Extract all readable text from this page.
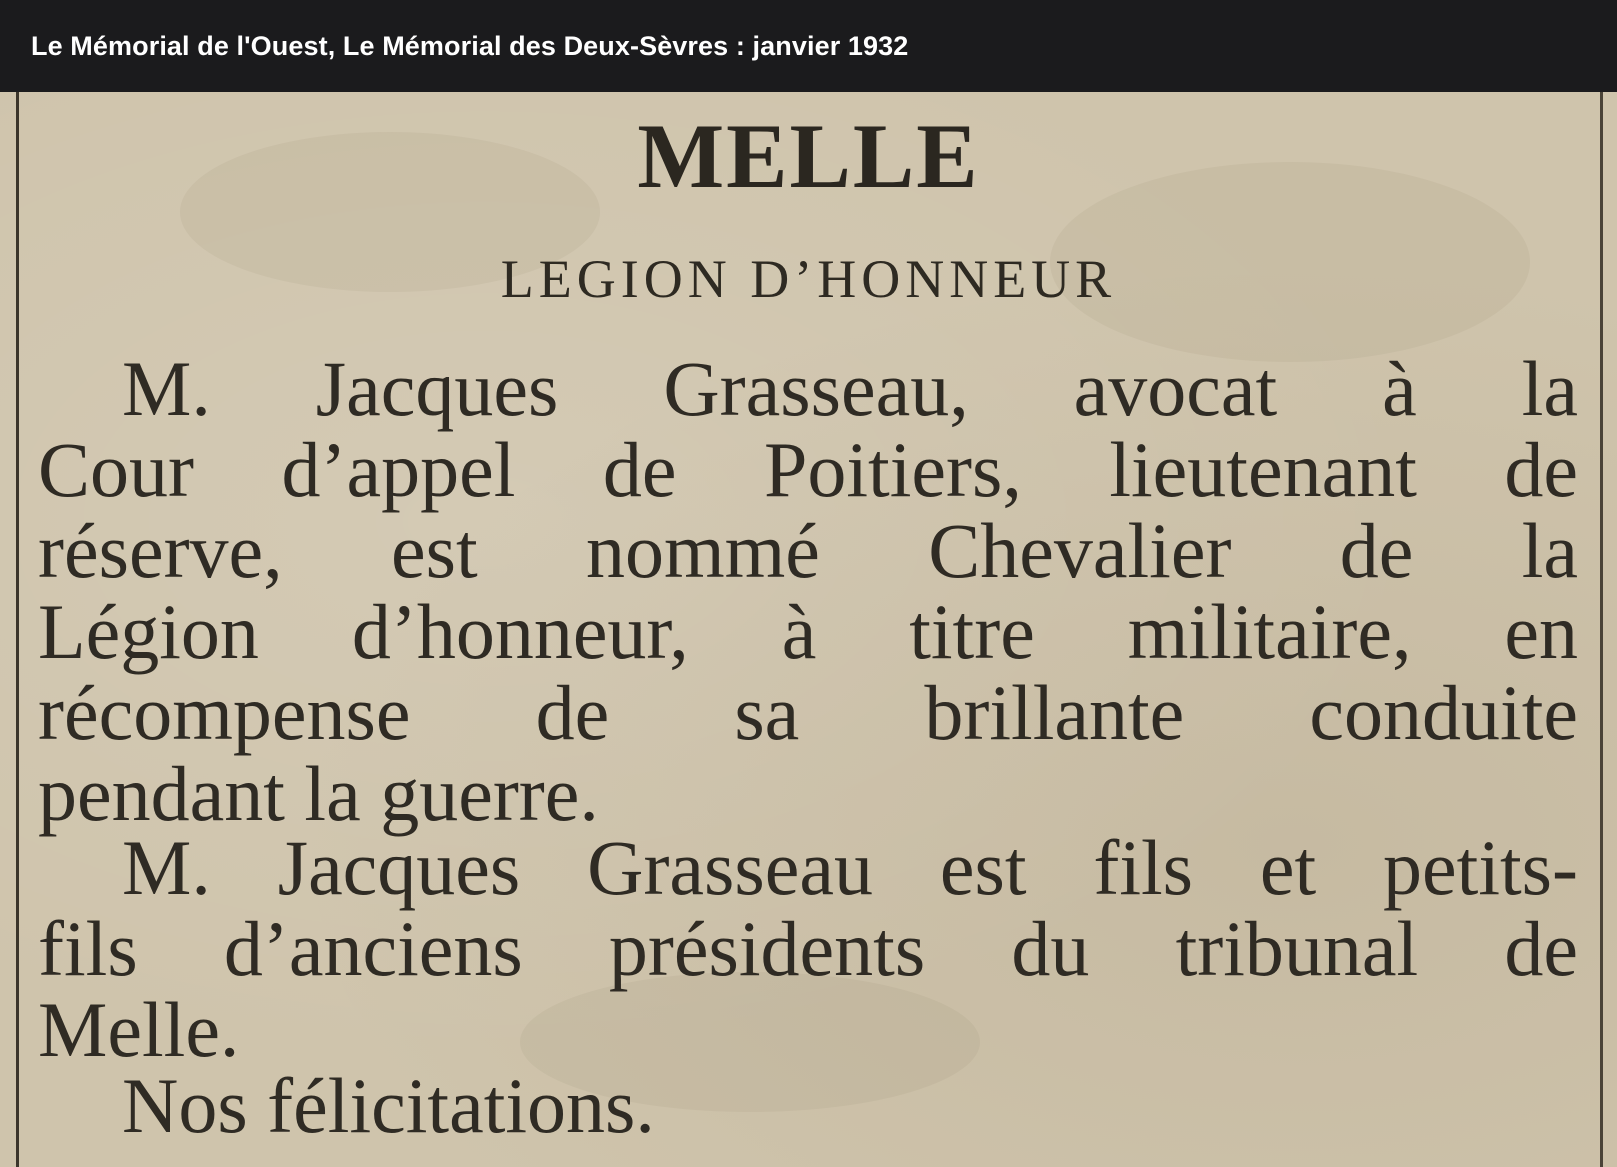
Le Mémorial de l'Ouest, Le Mémorial des Deux-Sèvres : janvier 1932
MELLE
LEGION D’HONNEUR
M. Jacques Grasseau, avocat à la
Cour d’appel de Poitiers, lieutenant de
réserve, est nommé Chevalier de la
Légion d’honneur, à titre militaire, en
récompense de sa brillante conduite
pendant la guerre.
M. Jacques Grasseau est fils et petits-
fils d’anciens présidents du tribunal de
Melle.
Nos félicitations.
